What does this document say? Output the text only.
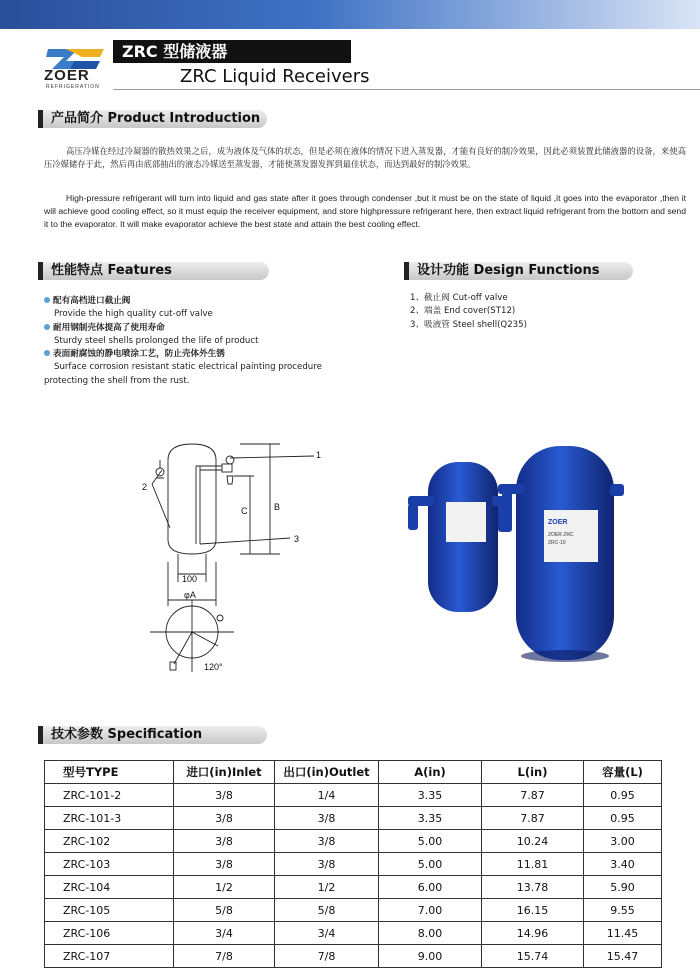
ZOER
REFRIGERATION
ZRC 型储液器
ZRC Liquid Receivers
产品简介 Product Introduction
高压冷媒在经过冷凝器的散热效果之后，成为液体及气体的状态，但是必须在液体的情况下进入蒸发器，才能有良好的制冷效果，因此必须装置此储液器的设备，来使高压冷媒储存于此，然后再由底部抽出的液态冷媒送至蒸发器，才能使蒸发器发挥到最佳状态，而达到最好的制冷效果。
High-pressure refrigerant will turn into liquid and gas state after it goes through condenser ,but it must be on the state of liquid ,it goes into the evaporator ,then it will achieve good cooling effect, so it must equip the receiver equipment, and store highpressure refrigerant here, then extract liquid refrigerant from the bottom and send it to the evaporator. It will make evaporator achieve the best state and attain the best cooling effect.
性能特点 Features
配有高档进口截止阀
Provide the high quality cut-off valve
耐用钢制壳体提高了使用寿命
Sturdy steel shells prolonged the life of product
表面耐腐蚀的静电喷涂工艺，防止壳体外生锈
Surface corrosion resistant static electrical painting procedure
protecting the shell from the rust.
设计功能 Design Functions
1、截止阀 Cut-off valve
2、端盖 End cover(ST12)
3、吸液管 Steel shell(Q235)
1
2
3
B
C
100
φA
120°
ZOER
ZOER ZRC
ZRC-10
技术参数 Specification
型号TYPE	进口(in)Inlet	出口(in)Outlet	A(in)	L(in)	容量(L)
ZRC-101-2	3/8	1/4	3.35	7.87	0.95
ZRC-101-3	3/8	3/8	3.35	7.87	0.95
ZRC-102	3/8	3/8	5.00	10.24	3.00
ZRC-103	3/8	3/8	5.00	11.81	3.40
ZRC-104	1/2	1/2	6.00	13.78	5.90
ZRC-105	5/8	5/8	7.00	16.15	9.55
ZRC-106	3/4	3/4	8.00	14.96	11.45
ZRC-107	7/8	7/8	9.00	15.74	15.47
